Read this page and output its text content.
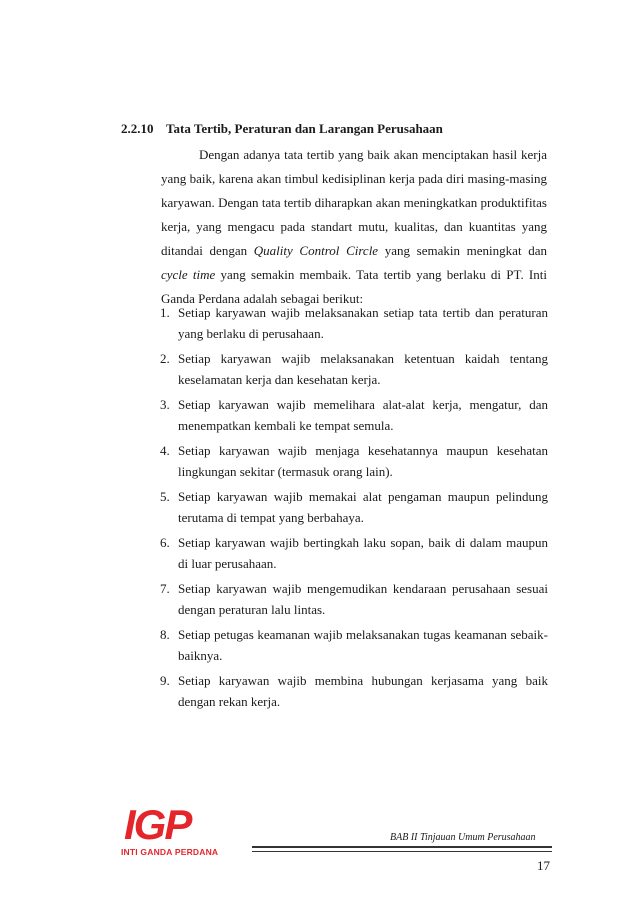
2.2.10 Tata Tertib, Peraturan dan Larangan Perusahaan
Dengan adanya tata tertib yang baik akan menciptakan hasil kerja yang baik, karena akan timbul kedisiplinan kerja pada diri masing-masing karyawan. Dengan tata tertib diharapkan akan meningkatkan produktifitas kerja, yang mengacu pada standart mutu, kualitas, dan kuantitas yang ditandai dengan Quality Control Circle yang semakin meningkat dan cycle time yang semakin membaik. Tata tertib yang berlaku di PT. Inti Ganda Perdana adalah sebagai berikut:
1. Setiap karyawan wajib melaksanakan setiap tata tertib dan peraturan yang berlaku di perusahaan.
2. Setiap karyawan wajib melaksanakan ketentuan kaidah tentang keselamatan kerja dan kesehatan kerja.
3. Setiap karyawan wajib memelihara alat-alat kerja, mengatur, dan menempatkan kembali ke tempat semula.
4. Setiap karyawan wajib menjaga kesehatannya maupun kesehatan lingkungan sekitar (termasuk orang lain).
5. Setiap karyawan wajib memakai alat pengaman maupun pelindung terutama di tempat yang berbahaya.
6. Setiap karyawan wajib bertingkah laku sopan, baik di dalam maupun di luar perusahaan.
7. Setiap karyawan wajib mengemudikan kendaraan perusahaan sesuai dengan peraturan lalu lintas.
8. Setiap petugas keamanan wajib melaksanakan tugas keamanan sebaik-baiknya.
9. Setiap karyawan wajib membina hubungan kerjasama yang baik dengan rekan kerja.
IGP
INTI GANDA PERDANA
BAB II Tinjauan Umum Perusahaan
17
